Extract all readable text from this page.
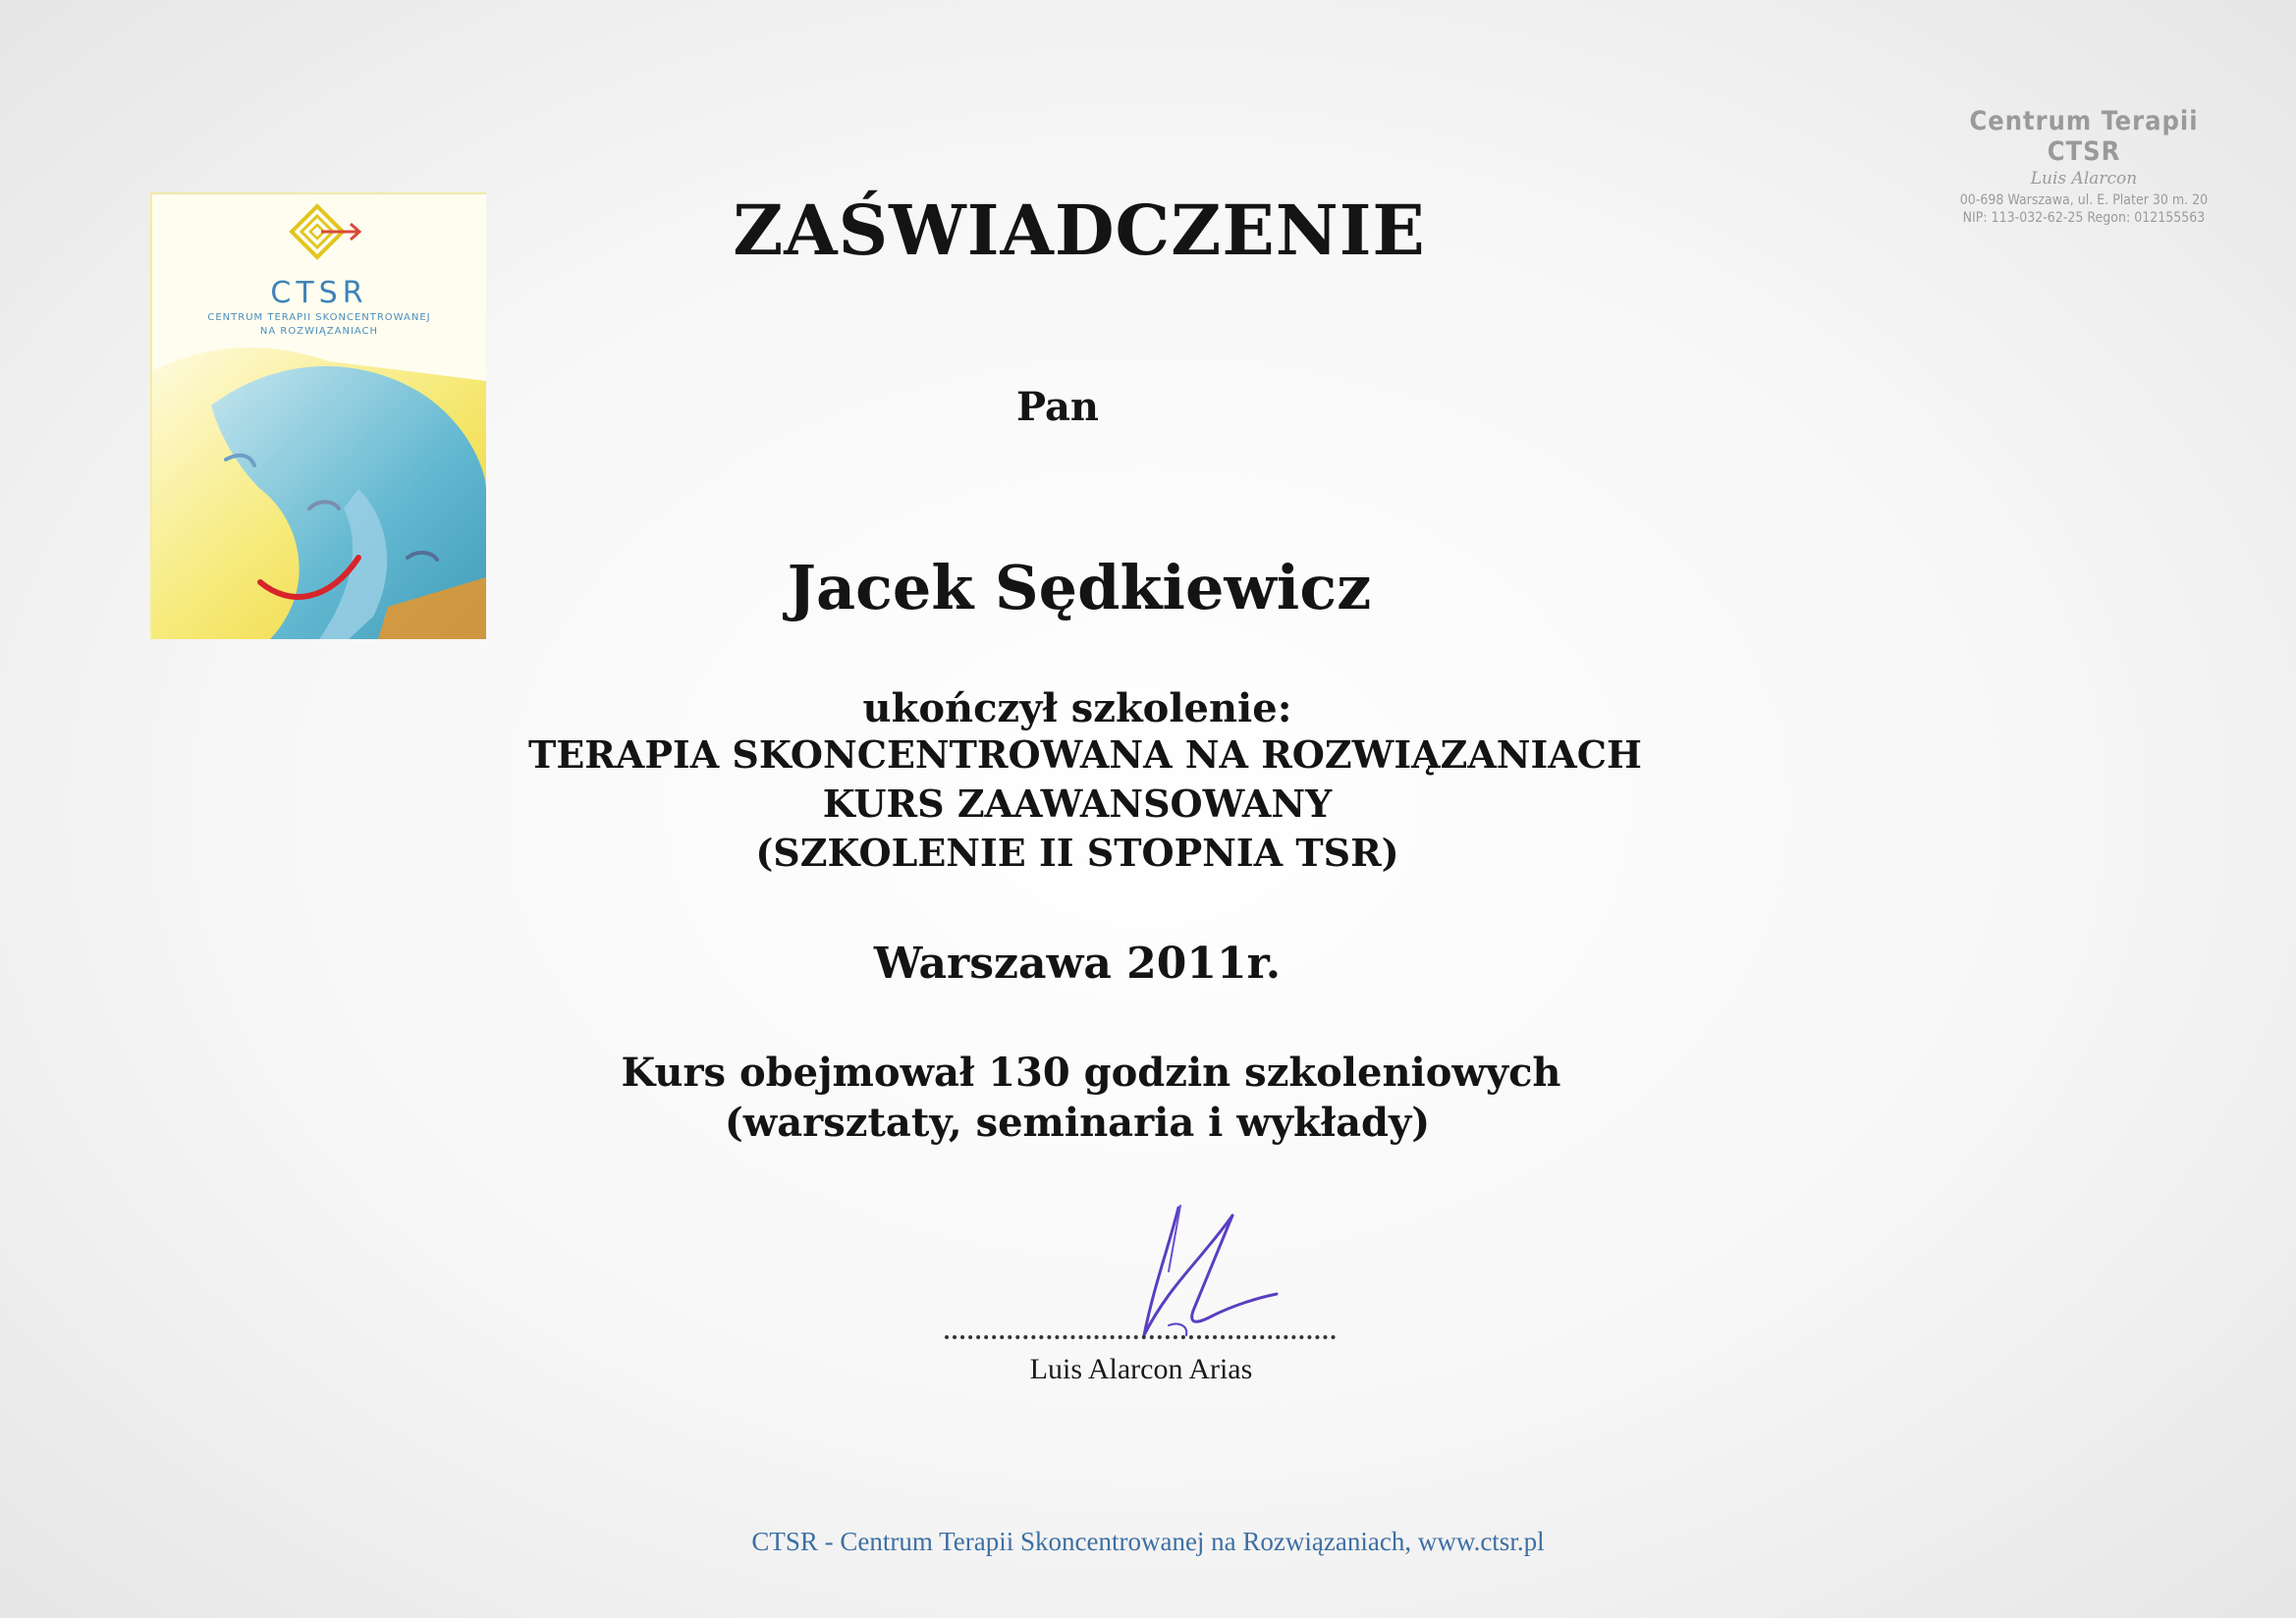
CTSR
CENTRUM TERAPII SKONCENTROWANEJ
NA ROZWIĄZANIACH
Centrum Terapii CTSR
Luis Alarcon
00-698 Warszawa, ul. E. Plater 30 m. 20
NIP: 113-032-62-25 Regon: 012155563
ZAŚWIADCZENIE
Pan
Jacek Sędkiewicz
ukończył szkolenie:
TERAPIA SKONCENTROWANA NA ROZWIĄZANIACH
KURS ZAAWANSOWANY
(SZKOLENIE II STOPNIA TSR)
Warszawa 2011r.
Kurs obejmował 130 godzin szkoleniowych
(warsztaty, seminaria i wykłady)
Luis Alarcon Arias
CTSR - Centrum Terapii Skoncentrowanej na Rozwiązaniach, www.ctsr.pl
